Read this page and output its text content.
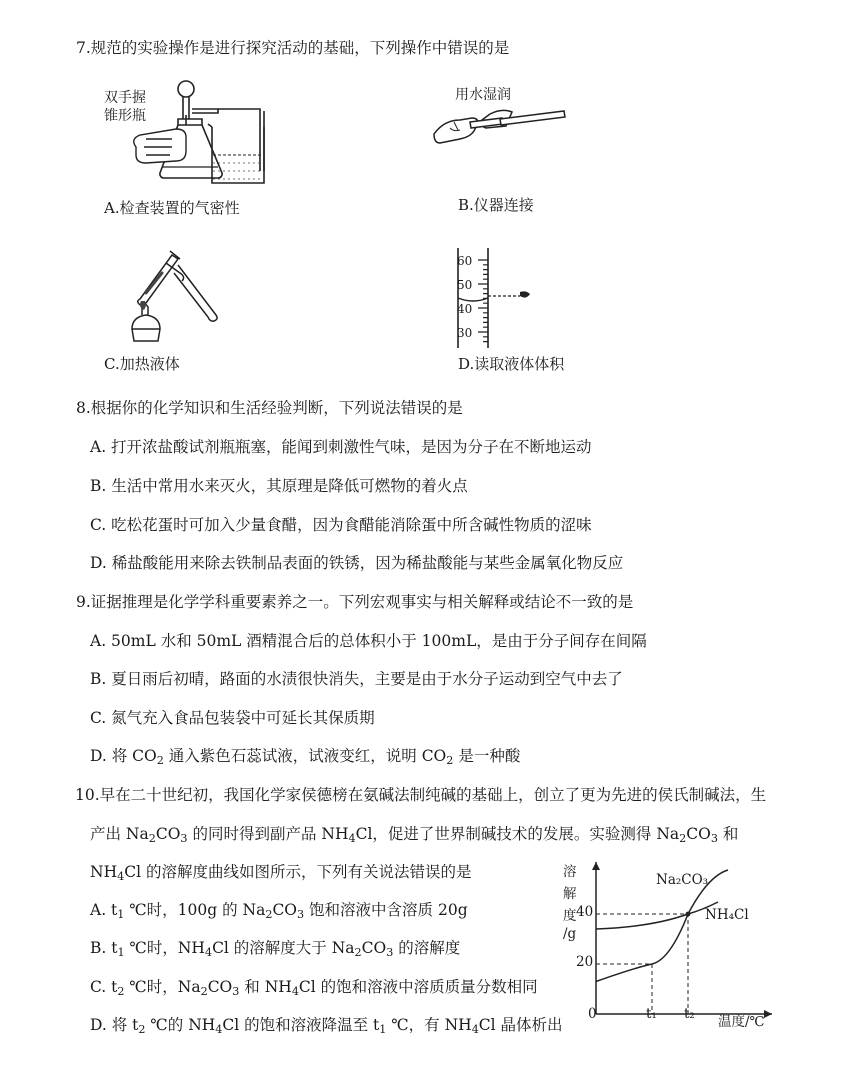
7.规范的实验操作是进行探究活动的基础，下列操作中错误的是
双手握
锥形瓶
A.检查装置的气密性
用水湿润
B.仪器连接
C.加热液体
60
50
40
30
D.读取液体体积
8.根据你的化学知识和生活经验判断，下列说法错误的是
A. 打开浓盐酸试剂瓶瓶塞，能闻到刺激性气味，是因为分子在不断地运动
B. 生活中常用水来灭火，其原理是降低可燃物的着火点
C. 吃松花蛋时可加入少量食醋，因为食醋能消除蛋中所含碱性物质的涩味
D. 稀盐酸能用来除去铁制品表面的铁锈，因为稀盐酸能与某些金属氧化物反应
9.证据推理是化学学科重要素养之一。下列宏观事实与相关解释或结论不一致的是
A. 50mL 水和 50mL 酒精混合后的总体积小于 100mL，是由于分子间存在间隔
B. 夏日雨后初晴，路面的水渍很快消失，主要是由于水分子运动到空气中去了
C. 氮气充入食品包装袋中可延长其保质期
D. 将 $CO_2$ 通入紫色石蕊试液，试液变红，说明 $CO_2$ 是一种酸
10.早在二十世纪初，我国化学家侯德榜在氨碱法制纯碱的基础上，创立了更为先进的侯氏制碱法，生
产出 $Na_2CO_3$ 的同时得到副产品 $NH_4Cl$，促进了世界制碱技术的发展。实验测得 $Na_2CO_3$ 和
$NH_4Cl$ 的溶解度曲线如图所示，下列有关说法错误的是
A. $t_1$ ℃时，100g 的 $Na_2CO_3$ 饱和溶液中含溶质 20g
B. $t_1$ ℃时，$NH_4Cl$ 的溶解度大于 $Na_2CO_3$ 的溶解度
C. $t_2$ ℃时，$Na_2CO_3$ 和 $NH_4Cl$ 的饱和溶液中溶质质量分数相同
D. 将 $t_2$ ℃的 $NH_4Cl$ 的饱和溶液降温至 $t_1$ ℃，有 $NH_4Cl$ 晶体析出
溶
解
度
/g
40
20
0	t₁ t₂ 温度/℃
Na₂CO₃
NH₄Cl
